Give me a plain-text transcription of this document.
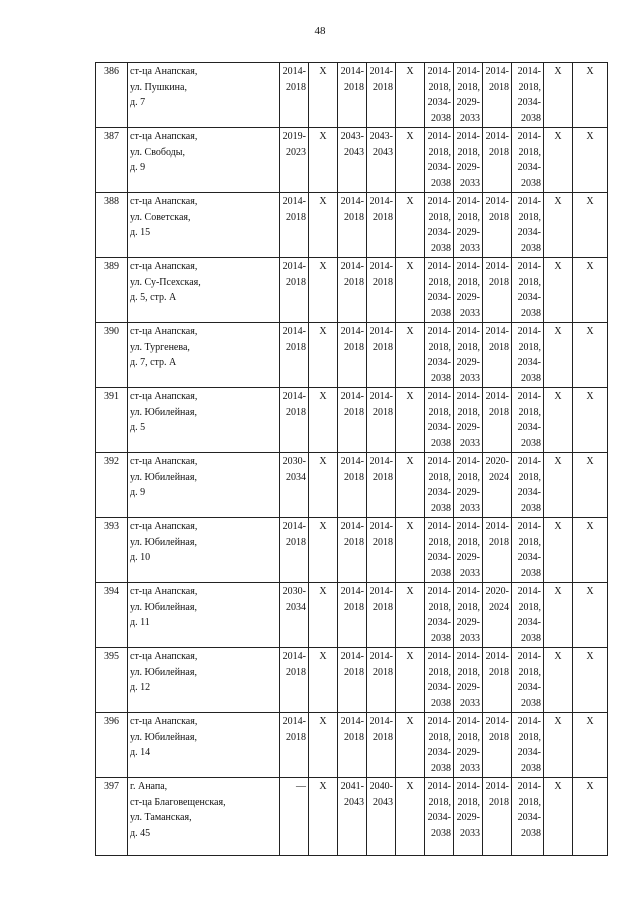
48
386	ст-ца Анапская,
ул. Пушкина,
д. 7	2014-
2018	Х	2014-
2018	2014-
2018	Х	2014-
2018,
2034-
2038	2014-
2018,
2029-
2033	2014-
2018	2014-
2018,
2034-
2038	Х	Х
387	ст-ца Анапская,
ул. Свободы,
д. 9	2019-
2023	Х	2043-
2043	2043-
2043	Х	2014-
2018,
2034-
2038	2014-
2018,
2029-
2033	2014-
2018	2014-
2018,
2034-
2038	Х	Х
388	ст-ца Анапская,
ул. Советская,
д. 15	2014-
2018	Х	2014-
2018	2014-
2018	Х	2014-
2018,
2034-
2038	2014-
2018,
2029-
2033	2014-
2018	2014-
2018,
2034-
2038	Х	Х
389	ст-ца Анапская,
ул. Су-Псехская,
д. 5, стр. А	2014-
2018	Х	2014-
2018	2014-
2018	Х	2014-
2018,
2034-
2038	2014-
2018,
2029-
2033	2014-
2018	2014-
2018,
2034-
2038	Х	Х
390	ст-ца Анапская,
ул. Тургенева,
д. 7, стр. А	2014-
2018	Х	2014-
2018	2014-
2018	Х	2014-
2018,
2034-
2038	2014-
2018,
2029-
2033	2014-
2018	2014-
2018,
2034-
2038	Х	Х
391	ст-ца Анапская,
ул. Юбилейная,
д. 5	2014-
2018	Х	2014-
2018	2014-
2018	Х	2014-
2018,
2034-
2038	2014-
2018,
2029-
2033	2014-
2018	2014-
2018,
2034-
2038	Х	Х
392	ст-ца Анапская,
ул. Юбилейная,
д. 9	2030-
2034	Х	2014-
2018	2014-
2018	Х	2014-
2018,
2034-
2038	2014-
2018,
2029-
2033	2020-
2024	2014-
2018,
2034-
2038	Х	Х
393	ст-ца Анапская,
ул. Юбилейная,
д. 10	2014-
2018	Х	2014-
2018	2014-
2018	Х	2014-
2018,
2034-
2038	2014-
2018,
2029-
2033	2014-
2018	2014-
2018,
2034-
2038	Х	Х
394	ст-ца Анапская,
ул. Юбилейная,
д. 11	2030-
2034	Х	2014-
2018	2014-
2018	Х	2014-
2018,
2034-
2038	2014-
2018,
2029-
2033	2020-
2024	2014-
2018,
2034-
2038	Х	Х
395	ст-ца Анапская,
ул. Юбилейная,
д. 12	2014-
2018	Х	2014-
2018	2014-
2018	Х	2014-
2018,
2034-
2038	2014-
2018,
2029-
2033	2014-
2018	2014-
2018,
2034-
2038	Х	Х
396	ст-ца Анапская,
ул. Юбилейная,
д. 14	2014-
2018	Х	2014-
2018	2014-
2018	Х	2014-
2018,
2034-
2038	2014-
2018,
2029-
2033	2014-
2018	2014-
2018,
2034-
2038	Х	Х
397	г. Анапа,
ст-ца Благовещенская,
ул. Таманская,
д. 45	—	Х	2041-
2043	2040-
2043	Х	2014-
2018,
2034-
2038	2014-
2018,
2029-
2033	2014-
2018	2014-
2018,
2034-
2038	Х	Х
